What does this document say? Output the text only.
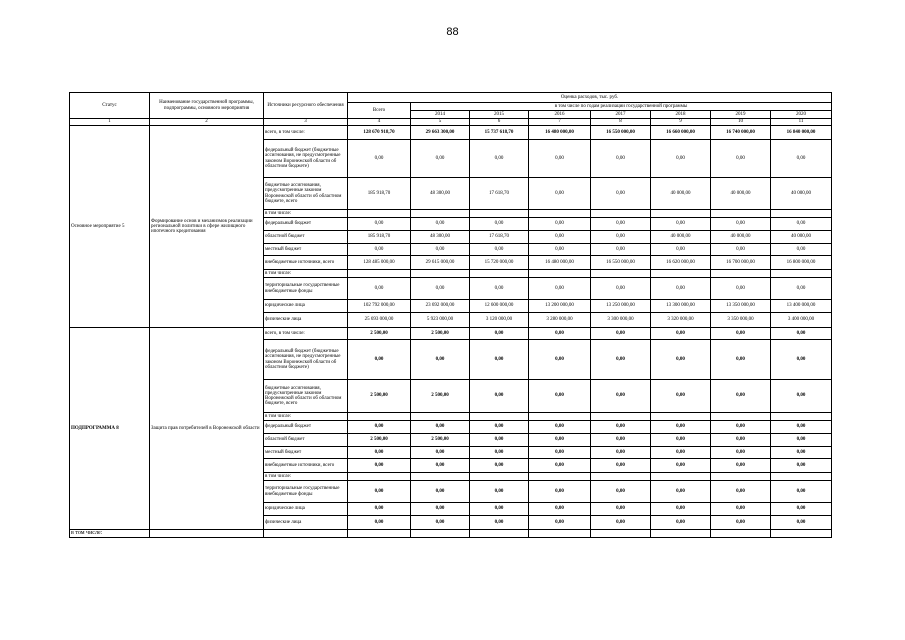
88
Статус	Наименование государственной программы, подпрограммы, основного мероприятия	Источники ресурсного обеспечения	Оценка расходов, тыс. руб.							
			Всего	в том числе по годам реализации государственной программы						
				2014	2015	2016	2017	2018	2019	2020
1	2	3	4	5	6	7	8	9	10	11
Основное мероприятие 5	Формирование основ и механизмов реализации региональной политики в сфере жилищного ипотечного кредитования	всего, в том числе:	128 670 918,70	29 663 300,00	15 737 618,70	16 480 000,00	16 550 000,00	16 660 000,00	16 740 000,00	16 840 000,00
		федеральный бюджет (бюджетные ассигнования, не предусмотренные законом Воронежской области об областном бюджете)	0,00	0,00	0,00	0,00	0,00	0,00	0,00	0,00
		бюджетные ассигнования, предусмотренные законом Воронежской области об областном бюджете, всего	185 918,70	48 300,00	17 618,70	0,00	0,00	40 000,00	40 000,00	40 000,00
		в том числе:								
		федеральный бюджет	0,00	0,00	0,00	0,00	0,00	0,00	0,00	0,00
		областной бюджет	185 918,70	48 300,00	17 618,70	0,00	0,00	40 000,00	40 000,00	40 000,00
		местный бюджет	0,00	0,00	0,00	0,00	0,00	0,00	0,00	0,00
		внебюджетные источники, всего	128 485 000,00	29 615 000,00	15 720 000,00	16 480 000,00	16 550 000,00	16 620 000,00	16 700 000,00	16 800 000,00
		в том числе:								
		территориальные государственные внебюджетные фонды	0,00	0,00	0,00	0,00	0,00	0,00	0,00	0,00
		юридические лица	102 792 000,00	23 692 000,00	12 600 000,00	13 200 000,00	13 250 000,00	13 300 000,00	13 350 000,00	13 400 000,00
		физические лица	25 693 000,00	5 923 000,00	3 120 000,00	3 280 000,00	3 300 000,00	3 320 000,00	3 350 000,00	3 400 000,00
ПОДПРОГРАММА 8	Защита прав потребителей в Воронежской области	всего, в том числе:	2 500,00	2 500,00	0,00	0,00	0,00	0,00	0,00	0,00
		федеральный бюджет (бюджетные ассигнования, не предусмотренные законом Воронежской области об областном бюджете)	0,00	0,00	0,00	0,00	0,00	0,00	0,00	0,00
		бюджетные ассигнования, предусмотренные законом Воронежской области об областном бюджете, всего	2 500,00	2 500,00	0,00	0,00	0,00	0,00	0,00	0,00
		в том числе:								
		федеральный бюджет	0,00	0,00	0,00	0,00	0,00	0,00	0,00	0,00
		областной бюджет	2 500,00	2 500,00	0,00	0,00	0,00	0,00	0,00	0,00
		местный бюджет	0,00	0,00	0,00	0,00	0,00	0,00	0,00	0,00
		внебюджетные источники, всего	0,00	0,00	0,00	0,00	0,00	0,00	0,00	0,00
		в том числе:								
		территориальные государственные внебюджетные фонды	0,00	0,00	0,00	0,00	0,00	0,00	0,00	0,00
		юридические лица	0,00	0,00	0,00	0,00	0,00	0,00	0,00	0,00
		физические лица	0,00	0,00	0,00	0,00	0,00	0,00	0,00	0,00
в том числе:										
